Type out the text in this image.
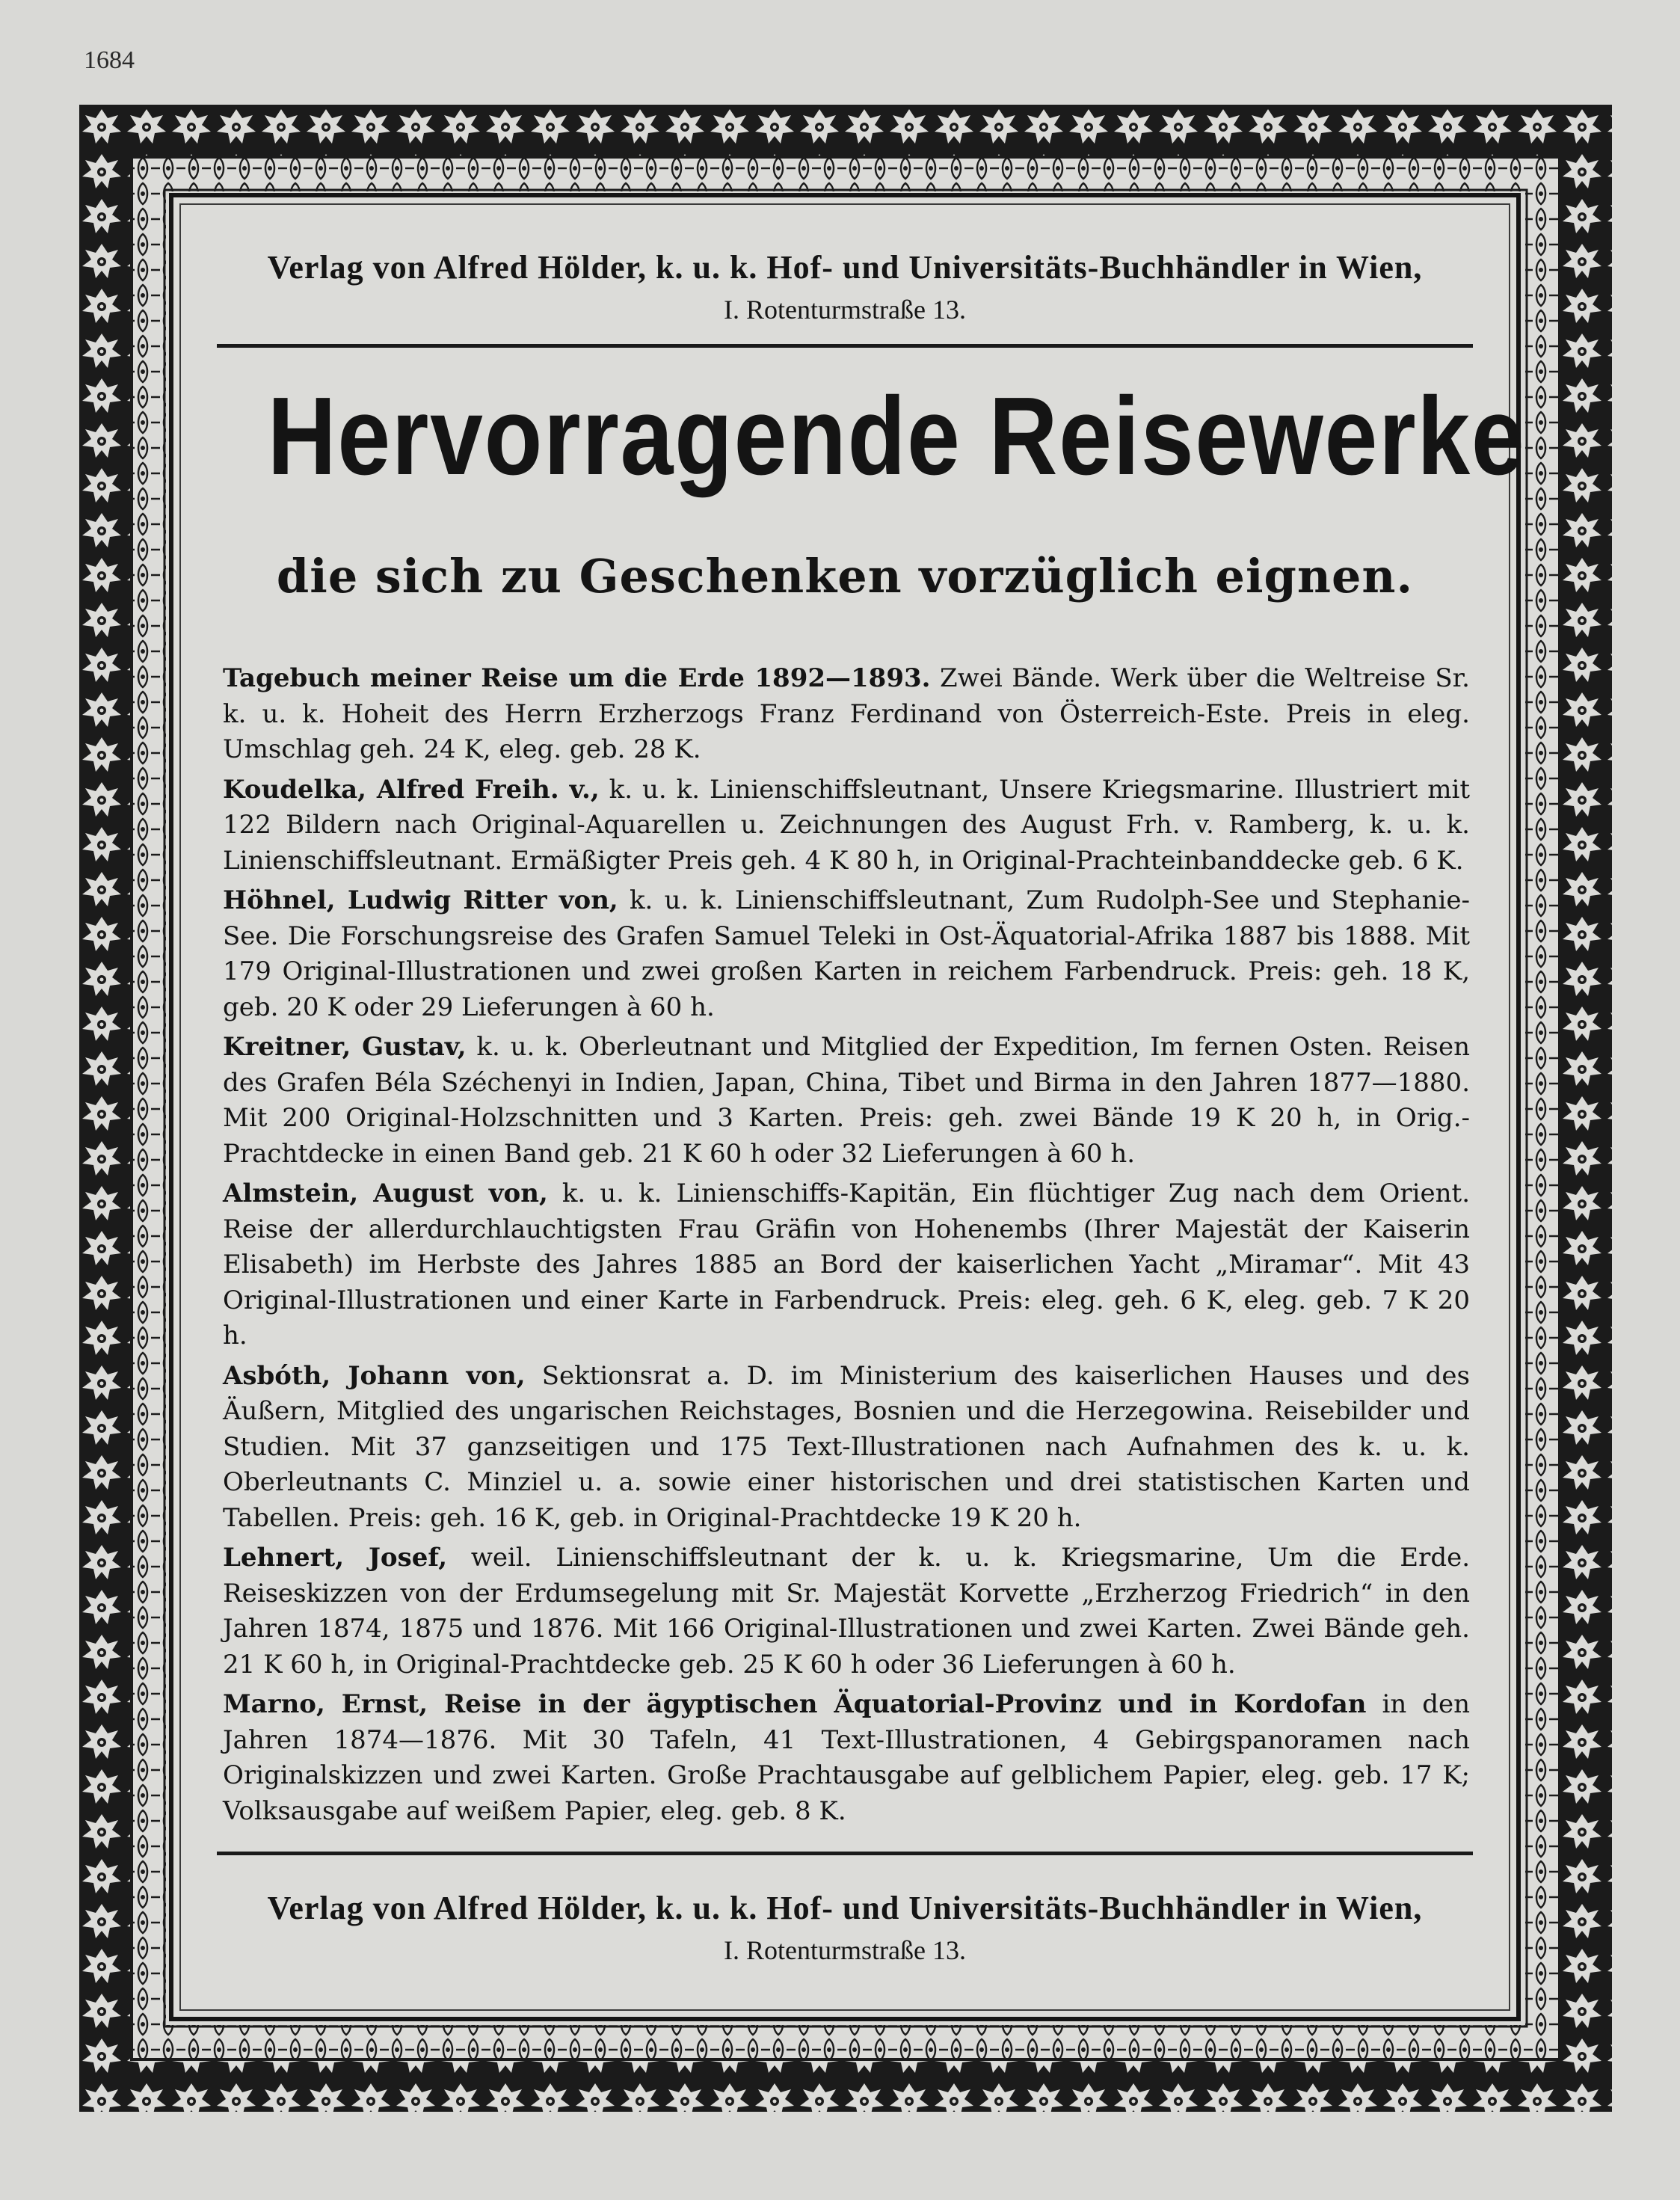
1684
Verlag von Alfred Hölder, k. u. k. Hof- und Universitäts-Buchhändler in Wien,
I. Rotenturmstraße 13.
Hervorragende Reisewerke
die sich zu Geschenken vorzüglich eignen.

Tagebuch meiner Reise um die Erde 1892—1893. Zwei Bände. Werk über die Weltreise Sr. k. u. k. Hoheit des Herrn Erzherzogs Franz Ferdinand von Österreich-Este. Preis in eleg. Umschlag geh. 24 K, eleg. geb. 28 K.

Koudelka, Alfred Freih. v., k. u. k. Linienschiffsleutnant, Unsere Kriegsmarine. Illustriert mit 122 Bildern nach Original-Aquarellen u. Zeichnungen des August Frh. v. Ramberg, k. u. k. Linienschiffsleutnant. Ermäßigter Preis geh. 4 K 80 h, in Original-Prachteinbanddecke geb. 6 K.

Höhnel, Ludwig Ritter von, k. u. k. Linienschiffsleutnant, Zum Rudolph-See und Stephanie-See. Die Forschungsreise des Grafen Samuel Teleki in Ost-Äquatorial-Afrika 1887 bis 1888. Mit 179 Original-Illustrationen und zwei großen Karten in reichem Farbendruck. Preis: geh. 18 K, geb. 20 K oder 29 Lieferungen à 60 h.

Kreitner, Gustav, k. u. k. Oberleutnant und Mitglied der Expedition, Im fernen Osten. Reisen des Grafen Béla Széchenyi in Indien, Japan, China, Tibet und Birma in den Jahren 1877—1880. Mit 200 Original-Holzschnitten und 3 Karten. Preis: geh. zwei Bände 19 K 20 h, in Orig.-Prachtdecke in einen Band geb. 21 K 60 h oder 32 Lieferungen à 60 h.

Almstein, August von, k. u. k. Linienschiffs-Kapitän, Ein flüchtiger Zug nach dem Orient. Reise der allerdurchlauchtigsten Frau Gräfin von Hohenembs (Ihrer Majestät der Kaiserin Elisabeth) im Herbste des Jahres 1885 an Bord der kaiserlichen Yacht „Miramar“. Mit 43 Original-Illustrationen und einer Karte in Farbendruck. Preis: eleg. geh. 6 K, eleg. geb. 7 K 20 h.

Asbóth, Johann von, Sektionsrat a. D. im Ministerium des kaiserlichen Hauses und des Äußern, Mitglied des ungarischen Reichstages, Bosnien und die Herzegowina. Reisebilder und Studien. Mit 37 ganzseitigen und 175 Text-Illustrationen nach Aufnahmen des k. u. k. Oberleutnants C. Minziel u. a. sowie einer historischen und drei statistischen Karten und Tabellen. Preis: geh. 16 K, geb. in Original-Prachtdecke 19 K 20 h.

Lehnert, Josef, weil. Linienschiffsleutnant der k. u. k. Kriegsmarine, Um die Erde. Reiseskizzen von der Erdumsegelung mit Sr. Majestät Korvette „Erzherzog Friedrich“ in den Jahren 1874, 1875 und 1876. Mit 166 Original-Illustrationen und zwei Karten. Zwei Bände geh. 21 K 60 h, in Original-Prachtdecke geb. 25 K 60 h oder 36 Lieferungen à 60 h.

Marno, Ernst, Reise in der ägyptischen Äquatorial-Provinz und in Kordofan in den Jahren 1874—1876. Mit 30 Tafeln, 41 Text-Illustrationen, 4 Gebirgspanoramen nach Originalskizzen und zwei Karten. Große Prachtausgabe auf gelblichem Papier, eleg. geb. 17 K; Volksausgabe auf weißem Papier, eleg. geb. 8 K.

Verlag von Alfred Hölder, k. u. k. Hof- und Universitäts-Buchhändler in Wien,
I. Rotenturmstraße 13.
